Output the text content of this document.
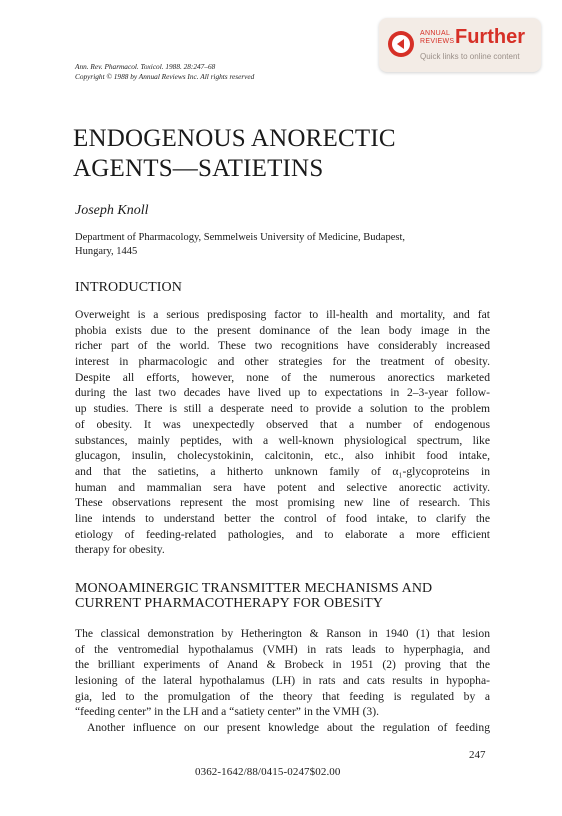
ANNUAL
REVIEWS Further
Quick links to online content
Ann. Rev. Pharmacol. Toxicol. 1988. 28:247–68
Copyright © 1988 by Annual Reviews Inc. All rights reserved
ENDOGENOUS ANORECTIC
AGENTS—SATIETINS
Joseph Knoll
Department of Pharmacology, Semmelweis University of Medicine, Budapest,
Hungary, 1445
INTRODUCTION
Overweight is a serious predisposing factor to ill-health and mortality, and fat
phobia exists due to the present dominance of the lean body image in the
richer part of the world. These two recognitions have considerably increased
interest in pharmacologic and other strategies for the treatment of obesity.
Despite all efforts, however, none of the numerous anorectics marketed
during the last two decades have lived up to expectations in 2–3-year follow-
up studies. There is still a desperate need to provide a solution to the problem
of obesity. It was unexpectedly observed that a number of endogenous
substances, mainly peptides, with a well-known physiological spectrum, like
glucagon, insulin, cholecystokinin, calcitonin, etc., also inhibit food intake,
and that the satietins, a hitherto unknown family of α₁-glycoproteins in
human and mammalian sera have potent and selective anorectic activity.
These observations represent the most promising new line of research. This
line intends to understand better the control of food intake, to clarify the
etiology of feeding-related pathologies, and to elaborate a more efficient
therapy for obesity.
MONOAMINERGIC TRANSMITTER MECHANISMS AND
CURRENT PHARMACOTHERAPY FOR OBESiTY
The classical demonstration by Hetherington & Ranson in 1940 (1) that lesion
of the ventromedial hypothalamus (VMH) in rats leads to hyperphagia, and
the brilliant experiments of Anand & Brobeck in 1951 (2) proving that the
lesioning of the lateral hypothalamus (LH) in rats and cats results in hypopha-
gia, led to the promulgation of the theory that feeding is regulated by a
“feeding center” in the LH and a “satiety center” in the VMH (3).
Another influence on our present knowledge about the regulation of feeding
247
0362-1642/88/0415-0247$02.00
